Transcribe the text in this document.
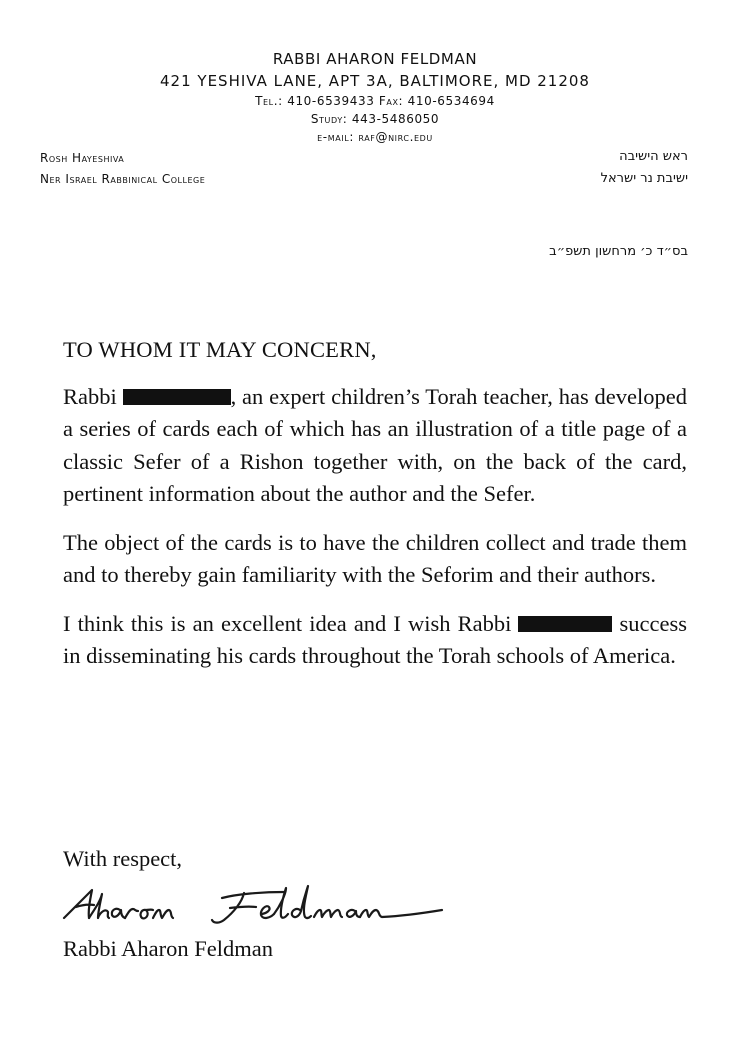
RABBI AHARON FELDMAN
421 YESHIVA LANE, APT 3A, BALTIMORE, MD 21208
Tel.: 410-6539433 Fax: 410-6534694
Study: 443-5486050
e-mail: raf@nirc.edu
Rosh Hayeshiva
Ner Israel Rabbinical College
ראש הישיבה
ישיבת נר ישראל
בס״ד כ׳ מרחשון תשפ״ב

TO WHOM IT MAY CONCERN,

Rabbi	, an expert children’s Torah teacher, has developed a series of cards each of which has an illustration of a title page of a classic Sefer of a Rishon together with, on the back of the card, pertinent information about the author and the Sefer.

The object of the cards is to have the children collect and trade them and to thereby gain familiarity with the Seforim and their authors.

I think this is an excellent idea and I wish Rabbi	success in disseminating his cards throughout the Torah schools of America.

With respect,
Rabbi Aharon Feldman
